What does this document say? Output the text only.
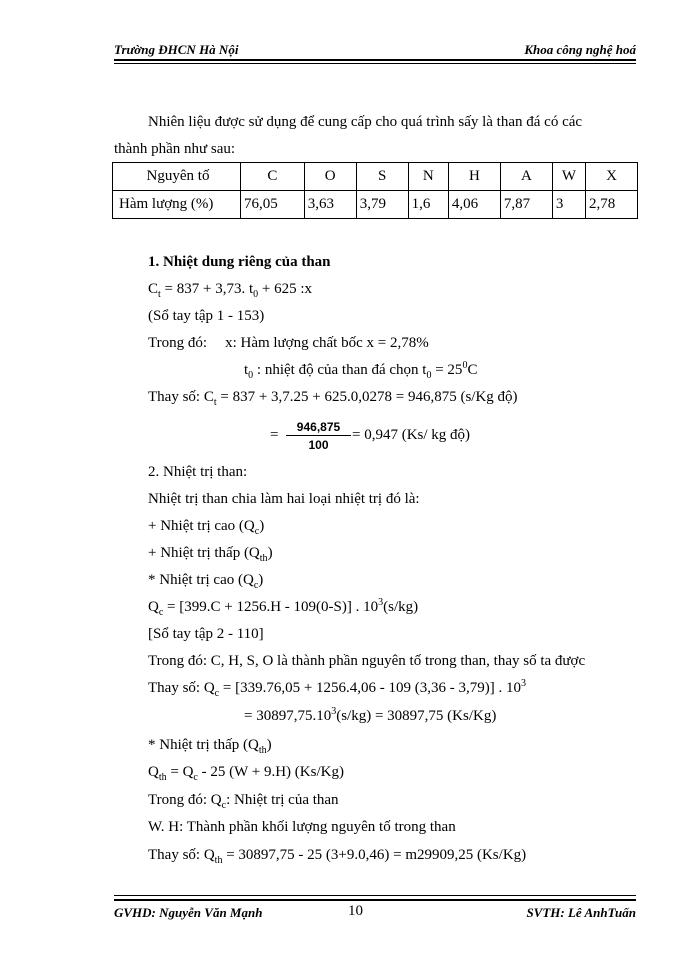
Trường ĐHCN Hà Nội	Khoa công nghệ hoá
Nhiên liệu được sử dụng để cung cấp cho quá trình sấy là than đá có các
thành phần như sau:
Nguyên tố	C	O	S	N	H	A	W	X
Hàm lượng (%)	76,05	3,63	3,79	1,6	4,06	7,87	3	2,78
1. Nhiệt dung riêng của than
$C_t = 837 + 3,73$. $t_0 + 625$ :x
(Sổ tay tập 1 - 153)
Trong đó: x: Hàm lượng chất bốc x = 2,78%
$t_0$ : nhiệt độ của than đá chọn $t_0 = 25^0C$
Thay số: $C_t = 837 + 3,7.25 + 625.0,0278 = 946,875$ (s/Kg độ)
= $\frac{946,875}{100} = 0,947$ (Ks/ kg độ)
2. Nhiệt trị than:
Nhiệt trị than chia làm hai loại nhiệt trị đó là:
+ Nhiệt trị cao $(Q_c)$
+ Nhiệt trị thấp $(Q_{th})$
* Nhiệt trị cao $(Q_c)$
$Q_c = [399.C + 1256.H - 109(0-S)]$ . $10^3(s/kg)$
[Sổ tay tập 2 - 110]
Trong đó: C, H, S, O là thành phần nguyên tố trong than, thay số ta được
Thay số: $Q_c = [339.76,05 + 1256.4,06 - 109$ (3,36 - 3,79)] . $10^3$
= $30897,75.10^3(s/kg) = 30897,75$ (Ks/Kg)
* Nhiệt trị thấp $(Q_{th})$
$Q_{th} = Q_c - 25$ (W + 9.H) (Ks/Kg)
Trong đó: $Q_c$: Nhiệt trị của than
W. H: Thành phần khối lượng nguyên tố trong than
Thay số: $Q_{th} = 30897,75 - 25$ (3+9.0,46) = m29909,25 (Ks/Kg)
GVHD: Nguyễn Văn Mạnh	10	SVTH: Lê AnhTuấn
